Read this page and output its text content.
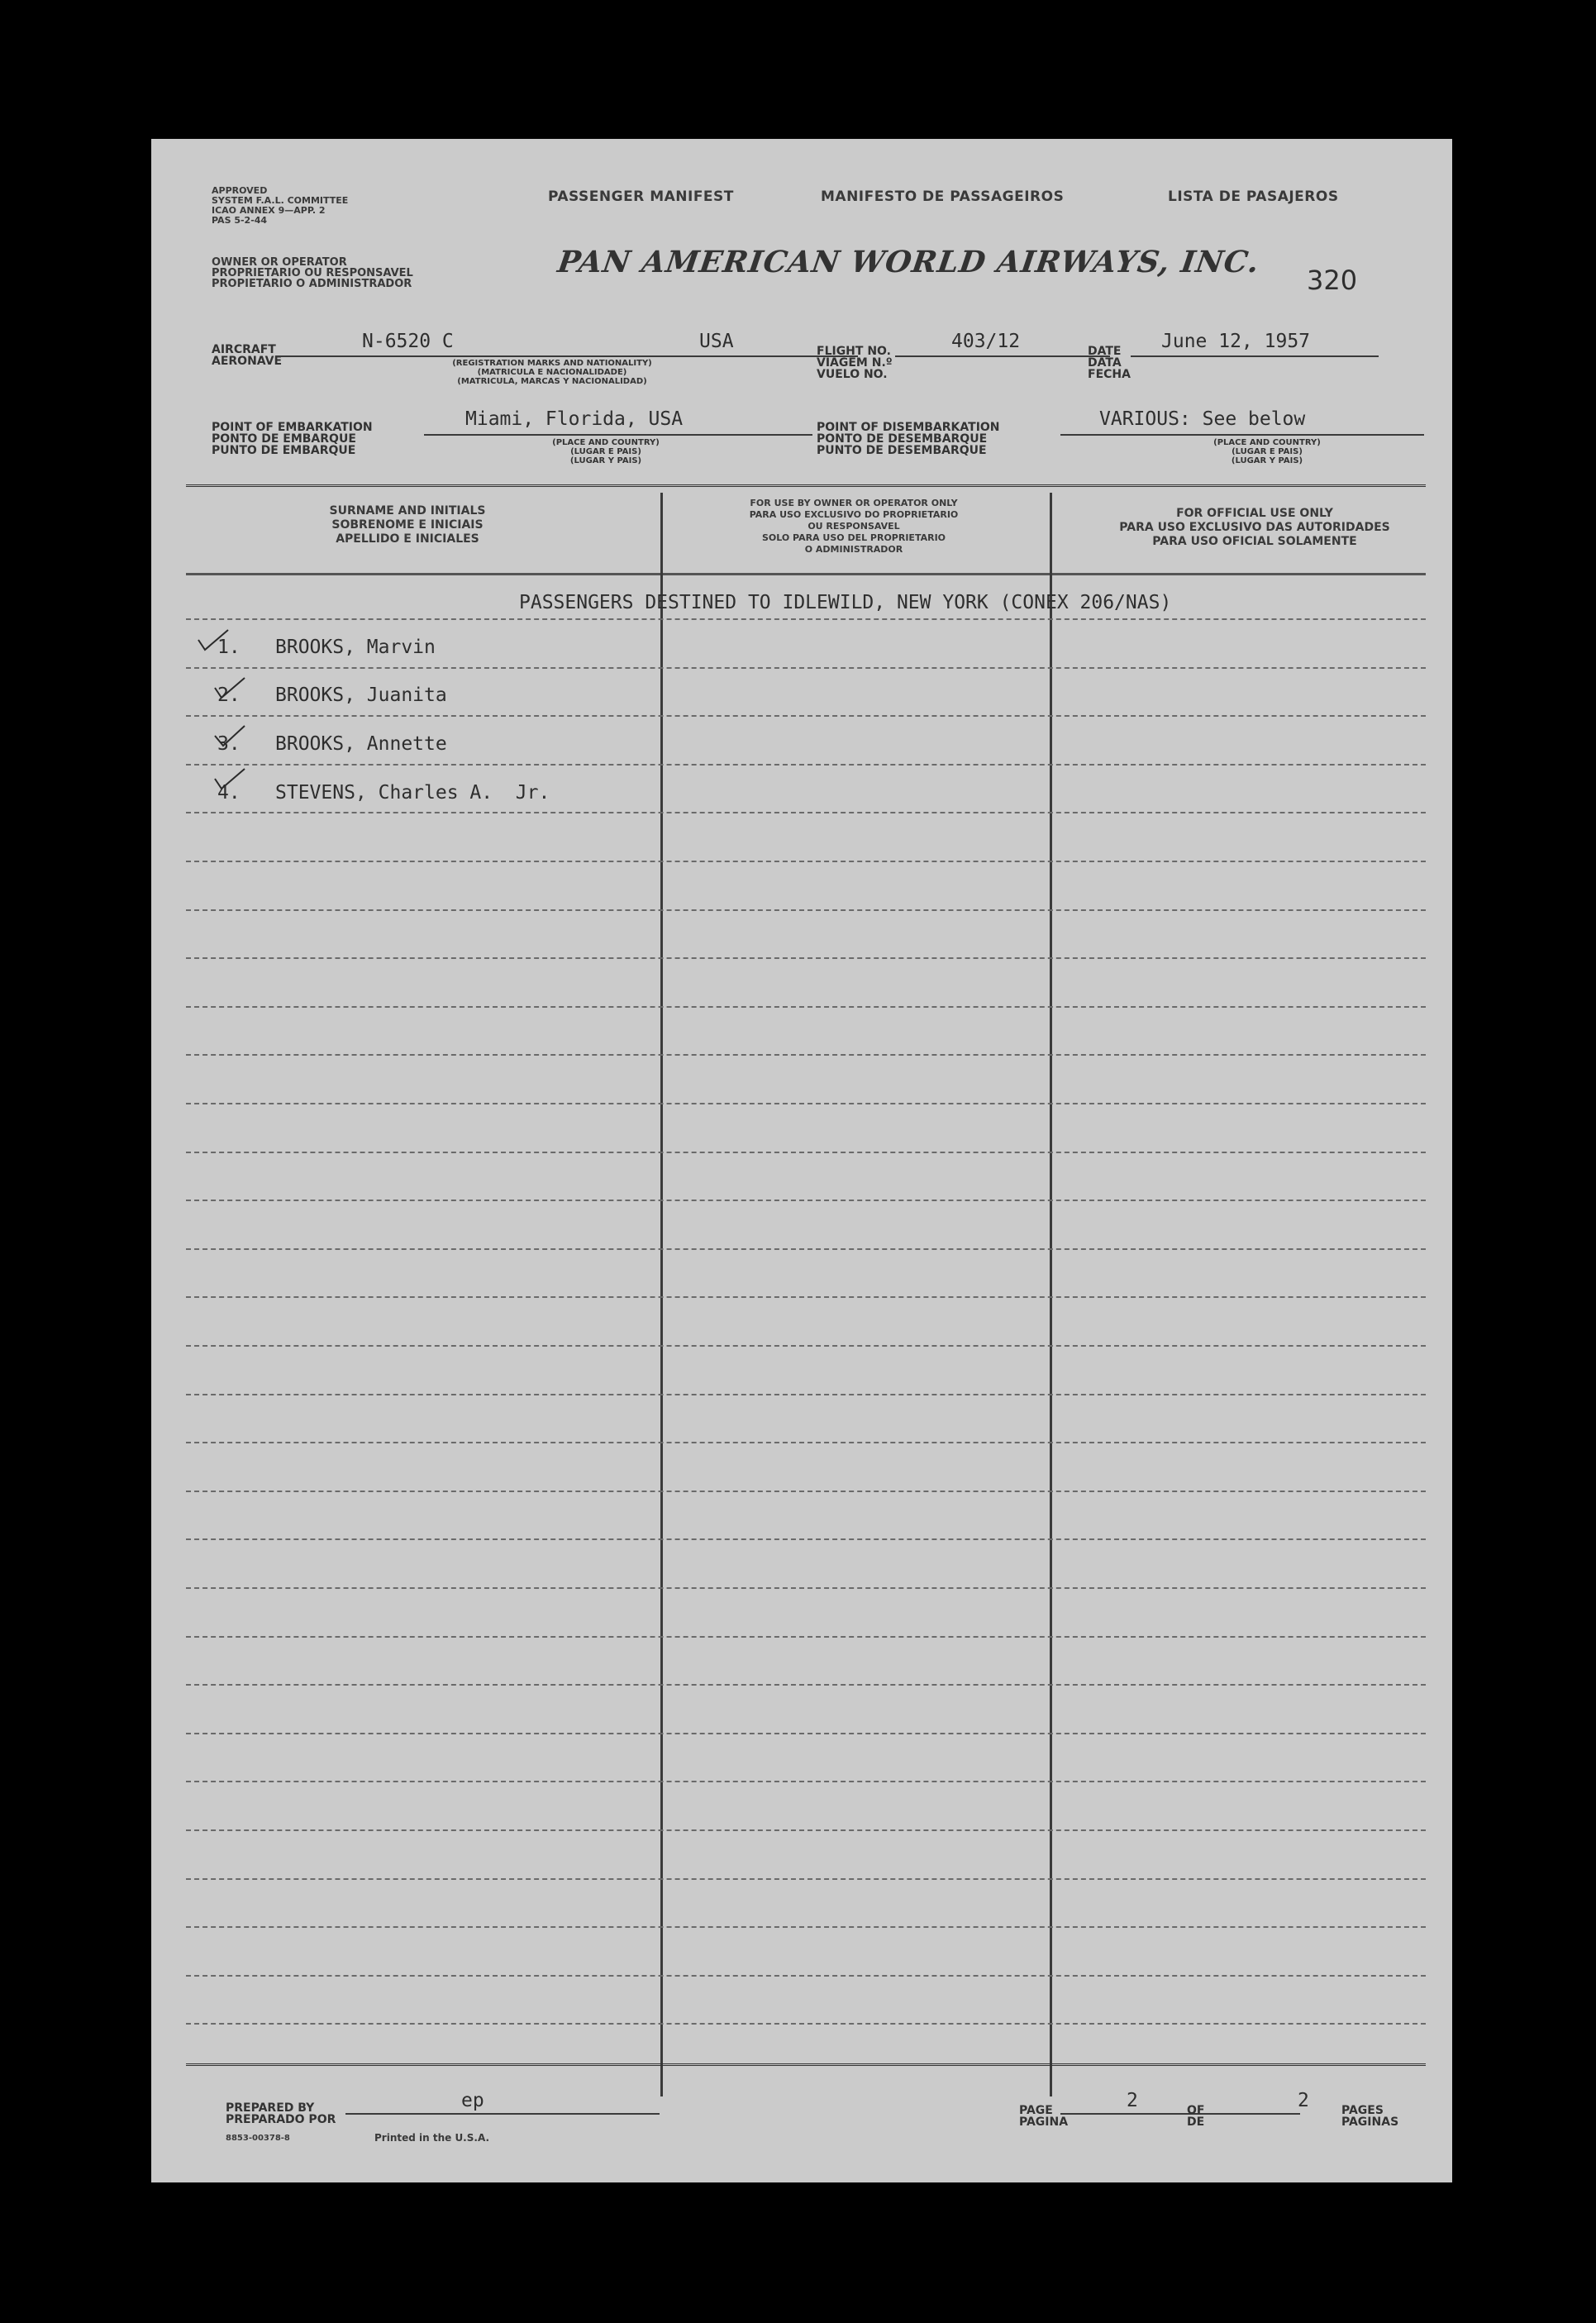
APPROVED
SYSTEM F.A.L. COMMITTEE
ICAO ANNEX 9—APP. 2
PAS 5-2-44
PASSENGER MANIFEST	MANIFESTO DE PASSAGEIROS	LISTA DE PASAJEROS
OWNER OR OPERATOR
PROPRIETARIO OU RESPONSAVEL
PROPIETARIO O ADMINISTRADOR
PAN AMERICAN WORLD AIRWAYS, INC.
320
AIRCRAFT
AERONAVE
N-6520 C	USA
(REGISTRATION MARKS AND NATIONALITY)
(MATRICULA E NACIONALIDADE)
(MATRICULA, MARCAS Y NACIONALIDAD)
FLIGHT NO.
VIAGEM N.º
VUELO NO.
403/12	DATE
DATA
FECHA
June 12, 1957
POINT OF EMBARKATION
PONTO DE EMBARQUE
PUNTO DE EMBARQUE
Miami, Florida, USA
(PLACE AND COUNTRY)
(LUGAR E PAIS)
(LUGAR Y PAIS)
POINT OF DISEMBARKATION
PONTO DE DESEMBARQUE
PUNTO DE DESEMBARQUE
VARIOUS: See below
(PLACE AND COUNTRY)
(LUGAR E PAIS)
(LUGAR Y PAIS)
SURNAME AND INITIALS
SOBRENOME E INICIAIS
APELLIDO E INICIALES
FOR USE BY OWNER OR OPERATOR ONLY
PARA USO EXCLUSIVO DO PROPRIETARIO
OU RESPONSAVEL
SOLO PARA USO DEL PROPRIETARIO
O ADMINISTRADOR
FOR OFFICIAL USE ONLY
PARA USO EXCLUSIVO DAS AUTORIDADES
PARA USO OFICIAL SOLAMENTE
PASSENGERS DESTINED TO IDLEWILD, NEW YORK (CONEX 206/NAS)
1. BROOKS, Marvin
2. BROOKS, Juanita
3. BROOKS, Annette
4. STEVENS, Charles A.  Jr.
PREPARED BY
PREPARADO POR
ep
8853-00378-8	Printed in the U.S.A.
PAGE
PAGINA
2	OF
DE
2	PAGES
PAGINAS
